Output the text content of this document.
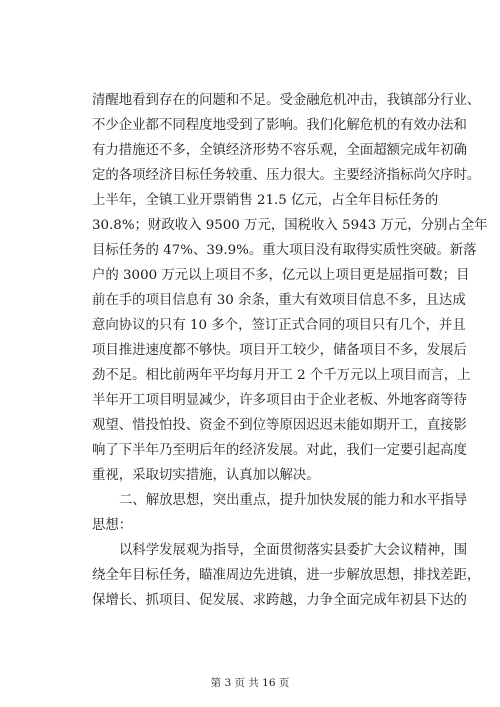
清醒地看到存在的问题和不足。受金融危机冲击，我镇部分行业、
不少企业都不同程度地受到了影响。我们化解危机的有效办法和
有力措施还不多，全镇经济形势不容乐观，全面超额完成年初确
定的各项经济目标任务较重、压力很大。主要经济指标尚欠序时。
上半年，全镇工业开票销售 21.5 亿元，占全年目标任务的
30.8%；财政收入 9500 万元，国税收入 5943 万元，分别占全年
目标任务的 47%、39.9%。重大项目没有取得实质性突破。新落
户的 3000 万元以上项目不多，亿元以上项目更是屈指可数；目
前在手的项目信息有 30 余条，重大有效项目信息不多，且达成
意向协议的只有 10 多个，签订正式合同的项目只有几个，并且
项目推进速度都不够快。项目开工较少，储备项目不多，发展后
劲不足。相比前两年平均每月开工 2 个千万元以上项目而言，上
半年开工项目明显减少，许多项目由于企业老板、外地客商等待
观望、惜投怕投、资金不到位等原因迟迟未能如期开工，直接影
响了下半年乃至明后年的经济发展。对此，我们一定要引起高度
重视，采取切实措施，认真加以解决。
二、解放思想，突出重点，提升加快发展的能力和水平指导
思想：
以科学发展观为指导，全面贯彻落实县委扩大会议精神，围
绕全年目标任务，瞄准周边先进镇，进一步解放思想，排找差距，
保增长、抓项目、促发展、求跨越，力争全面完成年初县下达的
第 3 页 共 16 页
